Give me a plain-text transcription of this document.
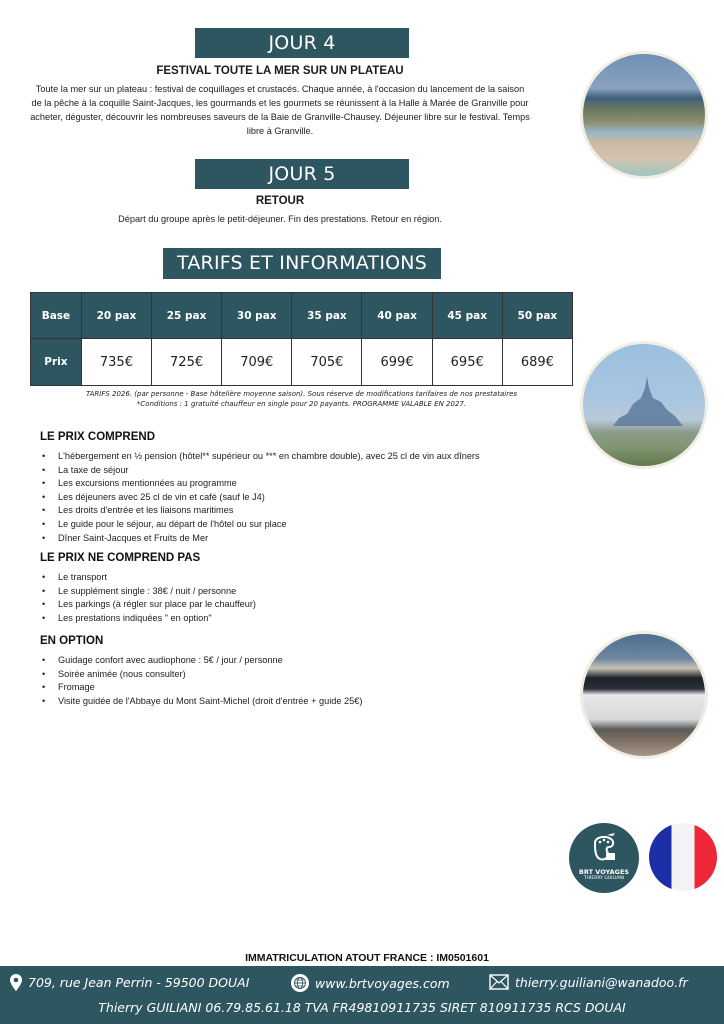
JOUR 4
FESTIVAL TOUTE LA MER SUR UN PLATEAU
Toute la mer sur un plateau : festival de coquillages et crustacés. Chaque année, à l'occasion du lancement de la saison de la pêche à la coquille Saint-Jacques, les gourmands et les gourmets se réunissent à la Halle à Marée de Granville pour acheter, déguster, découvrir les nombreuses saveurs de la Baie de Granville-Chausey. Déjeuner libre sur le festival. Temps libre à Granville.
JOUR 5
RETOUR
Départ du groupe après le petit-déjeuner. Fin des prestations. Retour en région.
TARIFS ET INFORMATIONS
Base	20 pax	25 pax	30 pax	35 pax	40 pax	45 pax	50 pax
Prix	735€	725€	709€	705€	699€	695€	689€
TARIFS 2026. (par personne - Base hôtelière moyenne saison). Sous réserve de modifications tarifaires de nos prestataires
*Conditions : 1 gratuité chauffeur en single pour 20 payants. PROGRAMME VALABLE EN 2027.
LE PRIX COMPREND
• L'hébergement en ½ pension (hôtel** supérieur ou *** en chambre double), avec 25 cl de vin aux dîners
• La taxe de séjour
• Les excursions mentionnées au programme
• Les déjeuners avec 25 cl de vin et café (sauf le J4)
• Les droits d'entrée et les liaisons maritimes
• Le guide pour le séjour, au départ de l'hôtel ou sur place
• Dîner Saint-Jacques et Fruits de Mer
LE PRIX NE COMPREND PAS
• Le transport
• Le supplément single : 38€ / nuit / personne
• Les parkings (à régler sur place par le chauffeur)
• Les prestations indiquées " en option"
EN OPTION
• Guidage confort avec audiophone : 5€ / jour / personne
• Soirée animée (nous consulter)
• Fromage
• Visite guidée de l'Abbaye du Mont Saint-Michel (droit d'entrée + guide 25€)
BRT VOYAGES
THIERRY GUILIANI
IMMATRICULATION ATOUT FRANCE : IM0501601
709, rue Jean Perrin - 59500 DOUAI	www.brtvoyages.com	thierry.guiliani@wanadoo.fr
Thierry GUILIANI 06.79.85.61.18 TVA FR49810911735 SIRET 810911735 RCS DOUAI
